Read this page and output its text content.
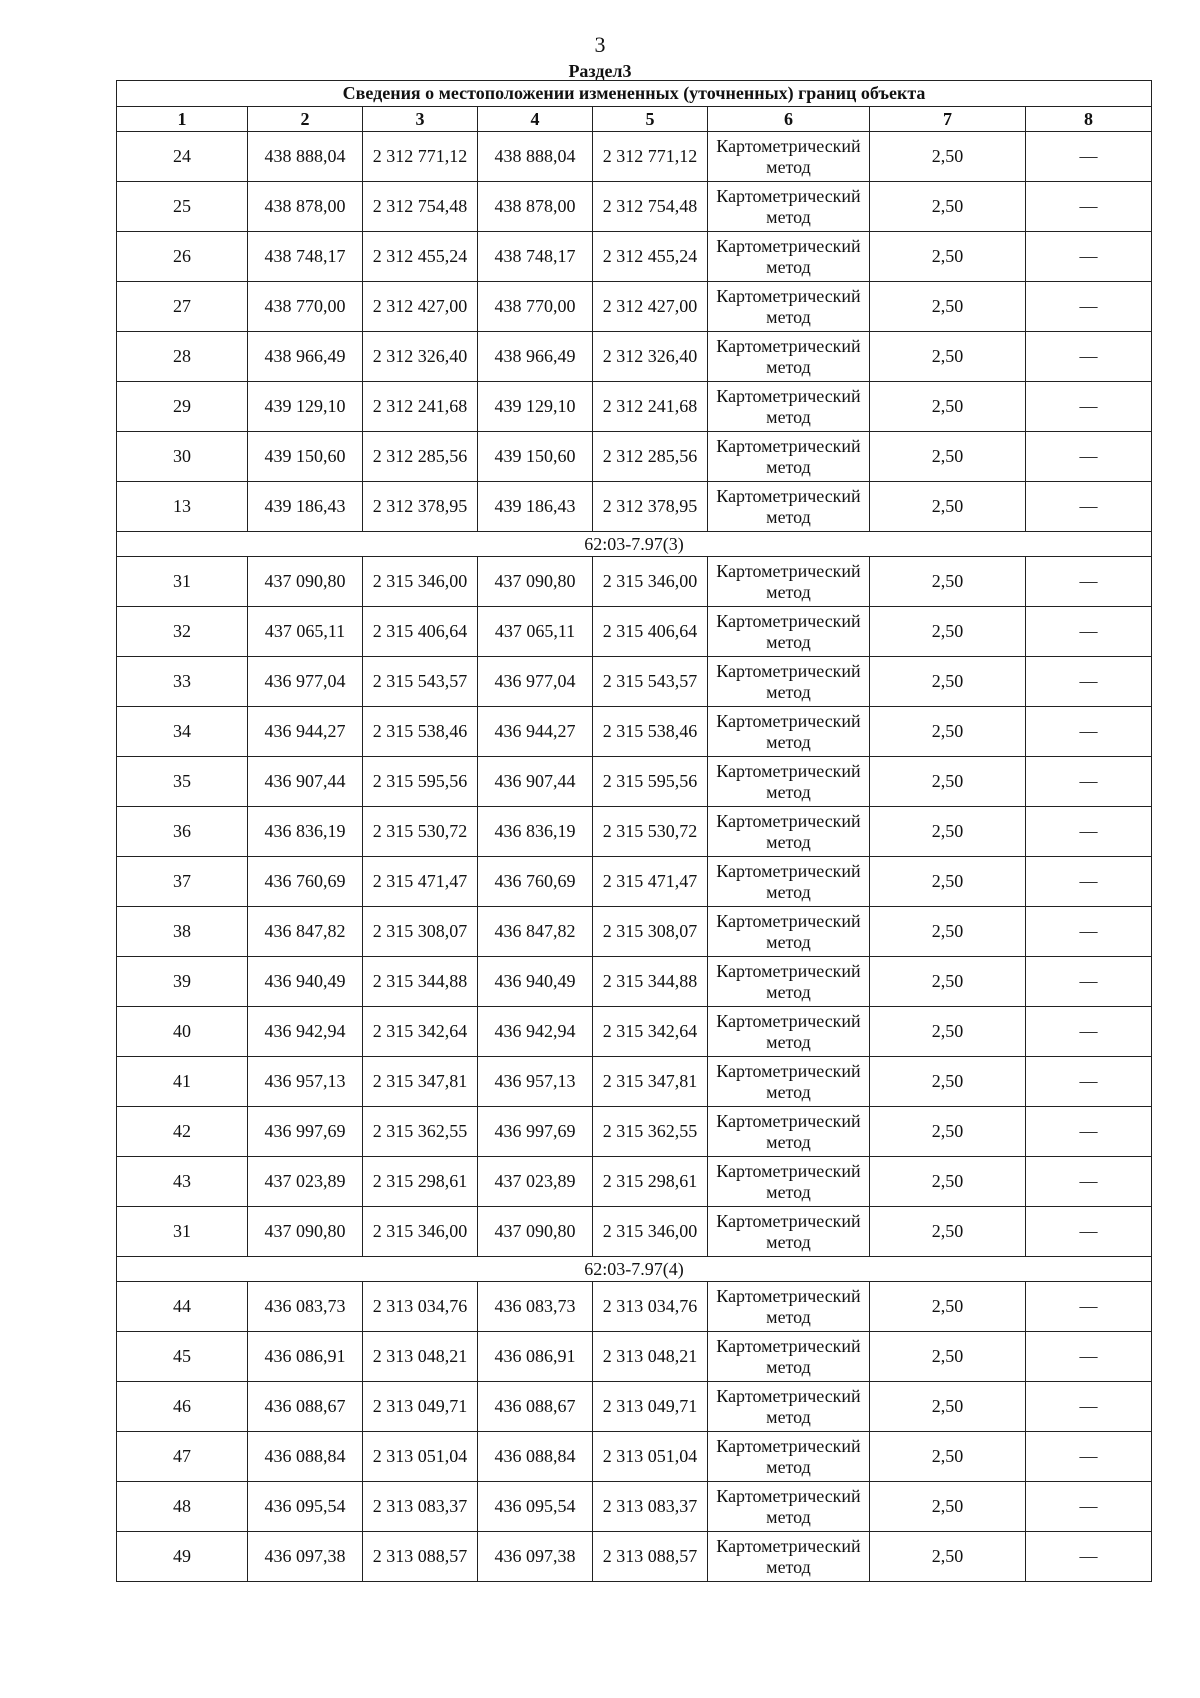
3
Раздел3
Сведения о местоположении измененных (уточненных) границ объекта							
1	2	3	4	5	6	7	8
24	438 888,04	2 312 771,12	438 888,04	2 312 771,12	Картометрический метод	2,50	—
25	438 878,00	2 312 754,48	438 878,00	2 312 754,48	Картометрический метод	2,50	—
26	438 748,17	2 312 455,24	438 748,17	2 312 455,24	Картометрический метод	2,50	—
27	438 770,00	2 312 427,00	438 770,00	2 312 427,00	Картометрический метод	2,50	—
28	438 966,49	2 312 326,40	438 966,49	2 312 326,40	Картометрический метод	2,50	—
29	439 129,10	2 312 241,68	439 129,10	2 312 241,68	Картометрический метод	2,50	—
30	439 150,60	2 312 285,56	439 150,60	2 312 285,56	Картометрический метод	2,50	—
13	439 186,43	2 312 378,95	439 186,43	2 312 378,95	Картометрический метод	2,50	—
62:03-7.97(3)							
31	437 090,80	2 315 346,00	437 090,80	2 315 346,00	Картометрический метод	2,50	—
32	437 065,11	2 315 406,64	437 065,11	2 315 406,64	Картометрический метод	2,50	—
33	436 977,04	2 315 543,57	436 977,04	2 315 543,57	Картометрический метод	2,50	—
34	436 944,27	2 315 538,46	436 944,27	2 315 538,46	Картометрический метод	2,50	—
35	436 907,44	2 315 595,56	436 907,44	2 315 595,56	Картометрический метод	2,50	—
36	436 836,19	2 315 530,72	436 836,19	2 315 530,72	Картометрический метод	2,50	—
37	436 760,69	2 315 471,47	436 760,69	2 315 471,47	Картометрический метод	2,50	—
38	436 847,82	2 315 308,07	436 847,82	2 315 308,07	Картометрический метод	2,50	—
39	436 940,49	2 315 344,88	436 940,49	2 315 344,88	Картометрический метод	2,50	—
40	436 942,94	2 315 342,64	436 942,94	2 315 342,64	Картометрический метод	2,50	—
41	436 957,13	2 315 347,81	436 957,13	2 315 347,81	Картометрический метод	2,50	—
42	436 997,69	2 315 362,55	436 997,69	2 315 362,55	Картометрический метод	2,50	—
43	437 023,89	2 315 298,61	437 023,89	2 315 298,61	Картометрический метод	2,50	—
31	437 090,80	2 315 346,00	437 090,80	2 315 346,00	Картометрический метод	2,50	—
62:03-7.97(4)							
44	436 083,73	2 313 034,76	436 083,73	2 313 034,76	Картометрический метод	2,50	—
45	436 086,91	2 313 048,21	436 086,91	2 313 048,21	Картометрический метод	2,50	—
46	436 088,67	2 313 049,71	436 088,67	2 313 049,71	Картометрический метод	2,50	—
47	436 088,84	2 313 051,04	436 088,84	2 313 051,04	Картометрический метод	2,50	—
48	436 095,54	2 313 083,37	436 095,54	2 313 083,37	Картометрический метод	2,50	—
49	436 097,38	2 313 088,57	436 097,38	2 313 088,57	Картометрический метод	2,50	—
